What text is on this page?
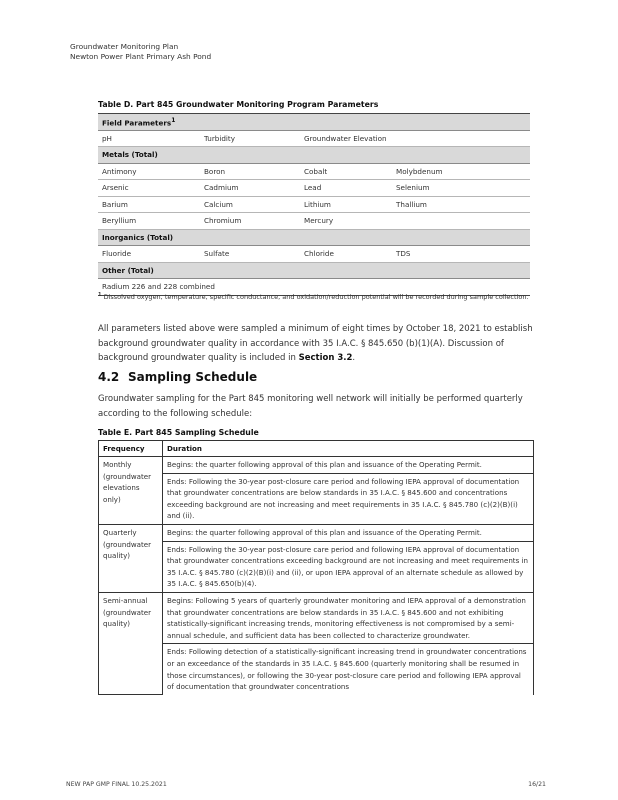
Groundwater Monitoring Plan
Newton Power Plant Primary Ash Pond
Table D. Part 845 Groundwater Monitoring Program Parameters
Field Parameters$^1$
pH	Turbidity	Groundwater Elevation	
Metals (Total)			
Antimony	Boron	Cobalt	Molybdenum
Arsenic	Cadmium	Lead	Selenium
Barium	Calcium	Lithium	Thallium
Beryllium	Chromium	Mercury	
Inorganics (Total)			
Fluoride	Sulfate	Chloride	TDS
Other (Total)			
Radium 226 and 228 combined			
$^1$ Dissolved oxygen, temperature, specific conductance, and oxidation/reduction potential will be recorded during sample collection.

All parameters listed above were sampled a minimum of eight times by October 18, 2021 to establish background groundwater quality in accordance with 35 I.A.C. § 845.650 (b)(1)(A). Discussion of background groundwater quality is included in Section 3.2.

4.2 Sampling Schedule

Groundwater sampling for the Part 845 monitoring well network will initially be performed quarterly according to the following schedule:

Table E. Part 845 Sampling Schedule
Frequency	Duration
Monthly (groundwater elevations only)	Begins: the quarter following approval of this plan and issuance of the Operating Permit.
	Ends: Following the 30-year post-closure care period and following IEPA approval of documentation that groundwater concentrations are below standards in 35 I.A.C. § 845.600 and concentrations exceeding background are not increasing and meet requirements in 35 I.A.C. § 845.780 (c)(2)(B)(i) and (ii).
Quarterly (groundwater quality)	Begins: the quarter following approval of this plan and issuance of the Operating Permit.
	Ends: Following the 30-year post-closure care period and following IEPA approval of documentation that groundwater concentrations exceeding background are not increasing and meet requirements in 35 I.A.C. § 845.780 (c)(2)(B)(i) and (ii), or upon IEPA approval of an alternate schedule as allowed by 35 I.A.C. § 845.650(b)(4).
Semi-annual (groundwater quality)	Begins: Following 5 years of quarterly groundwater monitoring and IEPA approval of a demonstration that groundwater concentrations are below standards in 35 I.A.C. § 845.600 and not exhibiting statistically-significant increasing trends, monitoring effectiveness is not compromised by a semi-annual schedule, and sufficient data has been collected to characterize groundwater.
	Ends: Following detection of a statistically-significant increasing trend in groundwater concentrations or an exceedance of the standards in 35 I.A.C. § 845.600 (quarterly monitoring shall be resumed in those circumstances), or following the 30-year post-closure care period and following IEPA approval of documentation that groundwater concentrations
NEW PAP GMP FINAL 10.25.2021	16/21
